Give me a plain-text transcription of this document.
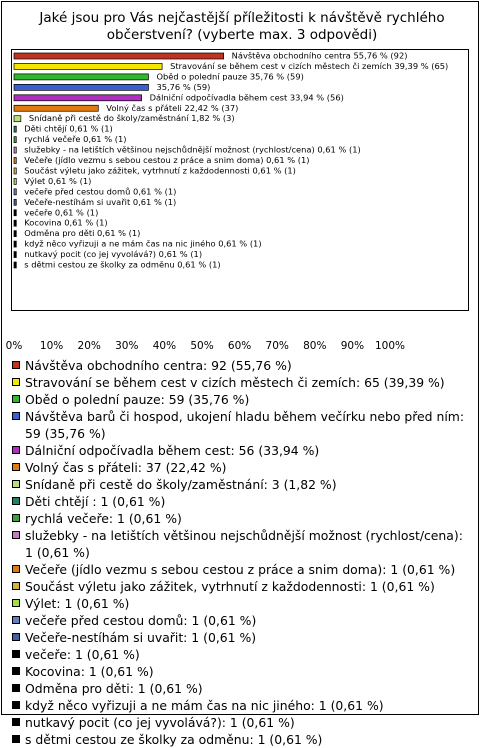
Jaké jsou pro Vás nejčastější příležitosti k návštěvě rychlého občerstvení? (vyberte max. 3 odpovědi)
Návštěva obchodního centra 55,76 % (92)
Stravování se během cest v cizích městech či zemích 39,39 % (65)
Oběd o polední pauze 35,76 % (59)
35,76 % (59)
Dálniční odpočívadla během cest 33,94 % (56)
Volný čas s přáteli 22,42 % (37)
Snídaně při cestě do školy/zaměstnání 1,82 % (3)
Děti chtějí 0,61 % (1)
rychlá večeře 0,61 % (1)
služebky - na letištích většinou nejschůdnější možnost (rychlost/cena) 0,61 % (1)
Večeře (jídlo vezmu s sebou cestou z práce a snim doma) 0,61 % (1)
Součást výletu jako zážitek, vytrhnutí z každodennosti 0,61 % (1)
Výlet 0,61 % (1)
večeře před cestou domů 0,61 % (1)
Večeře-nestíhám si uvařit 0,61 % (1)
večeře 0,61 % (1)
Kocovina 0,61 % (1)
Odměna pro děti 0,61 % (1)
když něco vyřizuji a ne mám čas na nic jiného 0,61 % (1)
nutkavý pocit (co jej vyvolává?) 0,61 % (1)
s dětmi cestou ze školky za odměnu 0,61 % (1)
0% 10% 20% 30% 40% 50% 60% 70% 80% 90% 100%
Návštěva obchodního centra: 92 (55,76 %)
Stravování se během cest v cizích městech či zemích: 65 (39,39 %)
Oběd o polední pauze: 59 (35,76 %)
Návštěva barů či hospod, ukojení hladu během večírku nebo před ním: 59 (35,76 %)
Dálniční odpočívadla během cest: 56 (33,94 %)
Volný čas s přáteli: 37 (22,42 %)
Snídaně při cestě do školy/zaměstnání: 3 (1,82 %)
Děti chtějí : 1 (0,61 %)
rychlá večeře: 1 (0,61 %)
služebky - na letištích většinou nejschůdnější možnost (rychlost/cena): 1 (0,61 %)
Večeře (jídlo vezmu s sebou cestou z práce a snim doma): 1 (0,61 %)
Součást výletu jako zážitek, vytrhnutí z každodennosti: 1 (0,61 %)
Výlet: 1 (0,61 %)
večeře před cestou domů: 1 (0,61 %)
Večeře-nestíhám si uvařit: 1 (0,61 %)
večeře: 1 (0,61 %)
Kocovina: 1 (0,61 %)
Odměna pro děti: 1 (0,61 %)
když něco vyřizuji a ne mám čas na nic jiného: 1 (0,61 %)
nutkavý pocit (co jej vyvolává?): 1 (0,61 %)
s dětmi cestou ze školky za odměnu: 1 (0,61 %)
